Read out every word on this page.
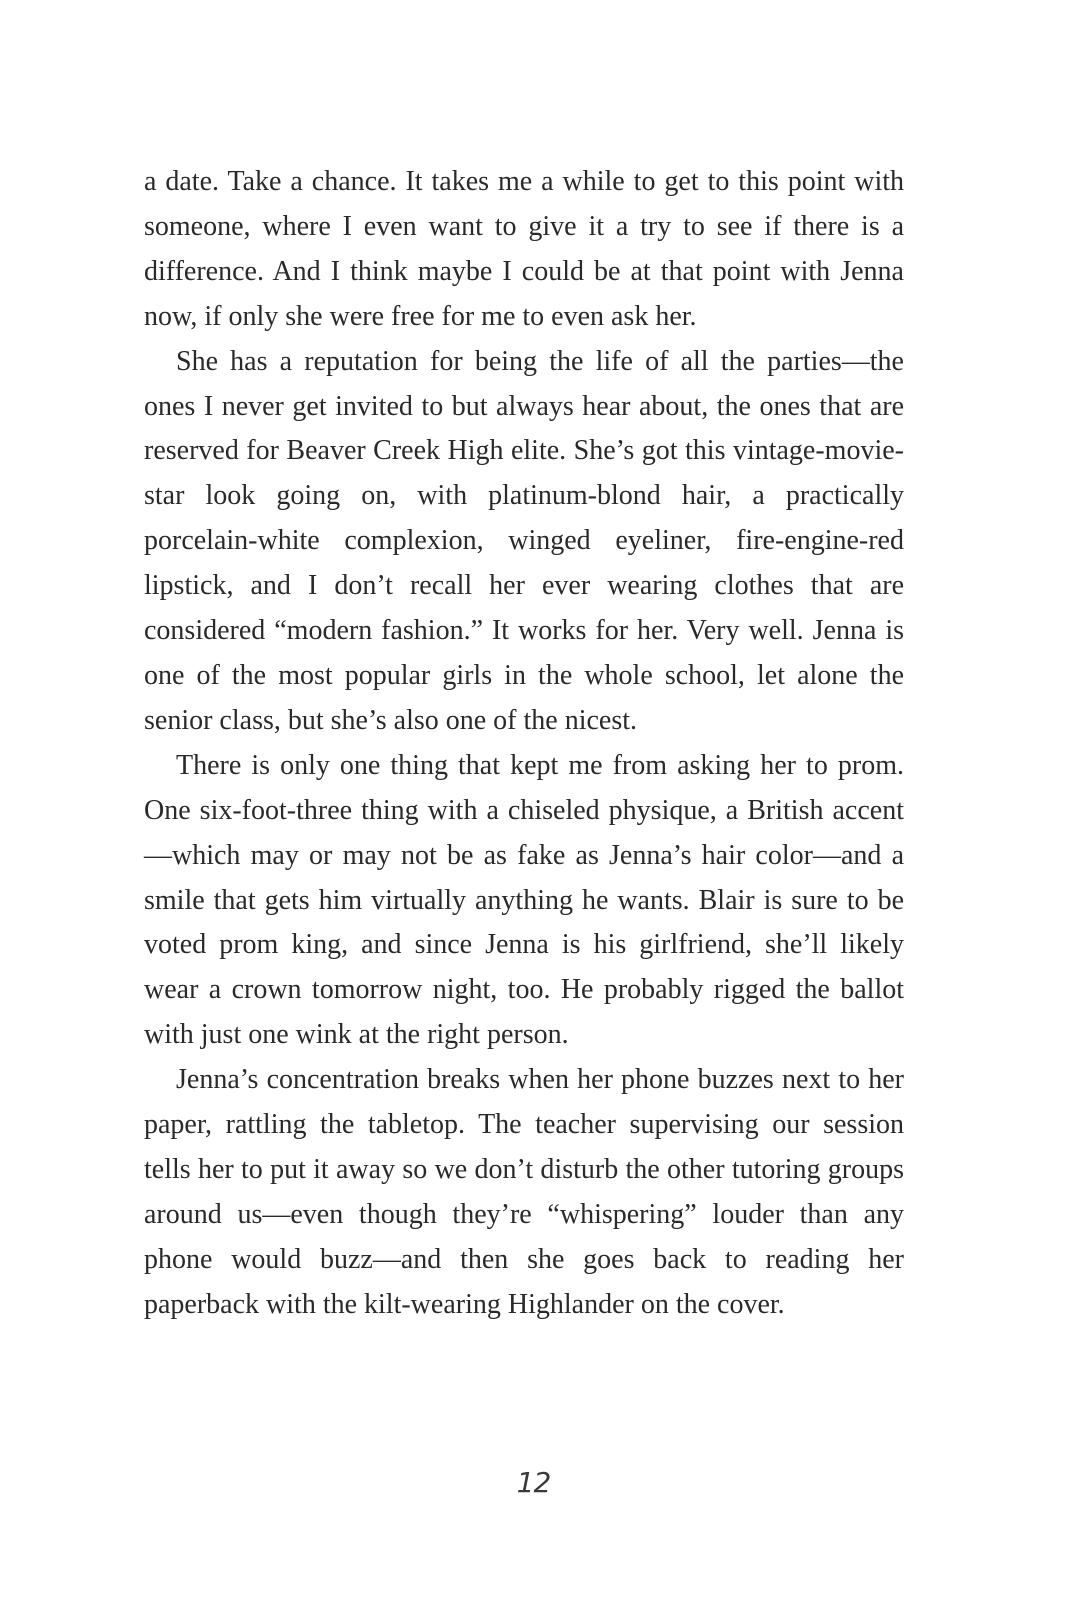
a date. Take a chance. It takes me a while to get to this point with someone, where I even want to give it a try to see if there is a difference. And I think maybe I could be at that point with Jenna now, if only she were free for me to even ask her.

She has a reputation for being the life of all the parties—the ones I never get invited to but always hear about, the ones that are reserved for Beaver Creek High elite. She’s got this vintage-movie-star look going on, with platinum-blond hair, a practically porcelain-white complexion, winged eyeliner, fire-engine-red lipstick, and I don’t recall her ever wearing clothes that are considered “modern fashion.” It works for her. Very well. Jenna is one of the most popular girls in the whole school, let alone the senior class, but she’s also one of the nicest.

There is only one thing that kept me from asking her to prom. One six-foot-three thing with a chiseled physique, a British accent—which may or may not be as fake as Jenna’s hair color—and a smile that gets him virtually anything he wants. Blair is sure to be voted prom king, and since Jenna is his girlfriend, she’ll likely wear a crown tomorrow night, too. He probably rigged the ballot with just one wink at the right person.

Jenna’s concentration breaks when her phone buzzes next to her paper, rattling the tabletop. The teacher supervising our session tells her to put it away so we don’t disturb the other tutoring groups around us—even though they’re “whispering” louder than any phone would buzz—and then she goes back to reading her paperback with the kilt-wearing Highlander on the cover.

12
